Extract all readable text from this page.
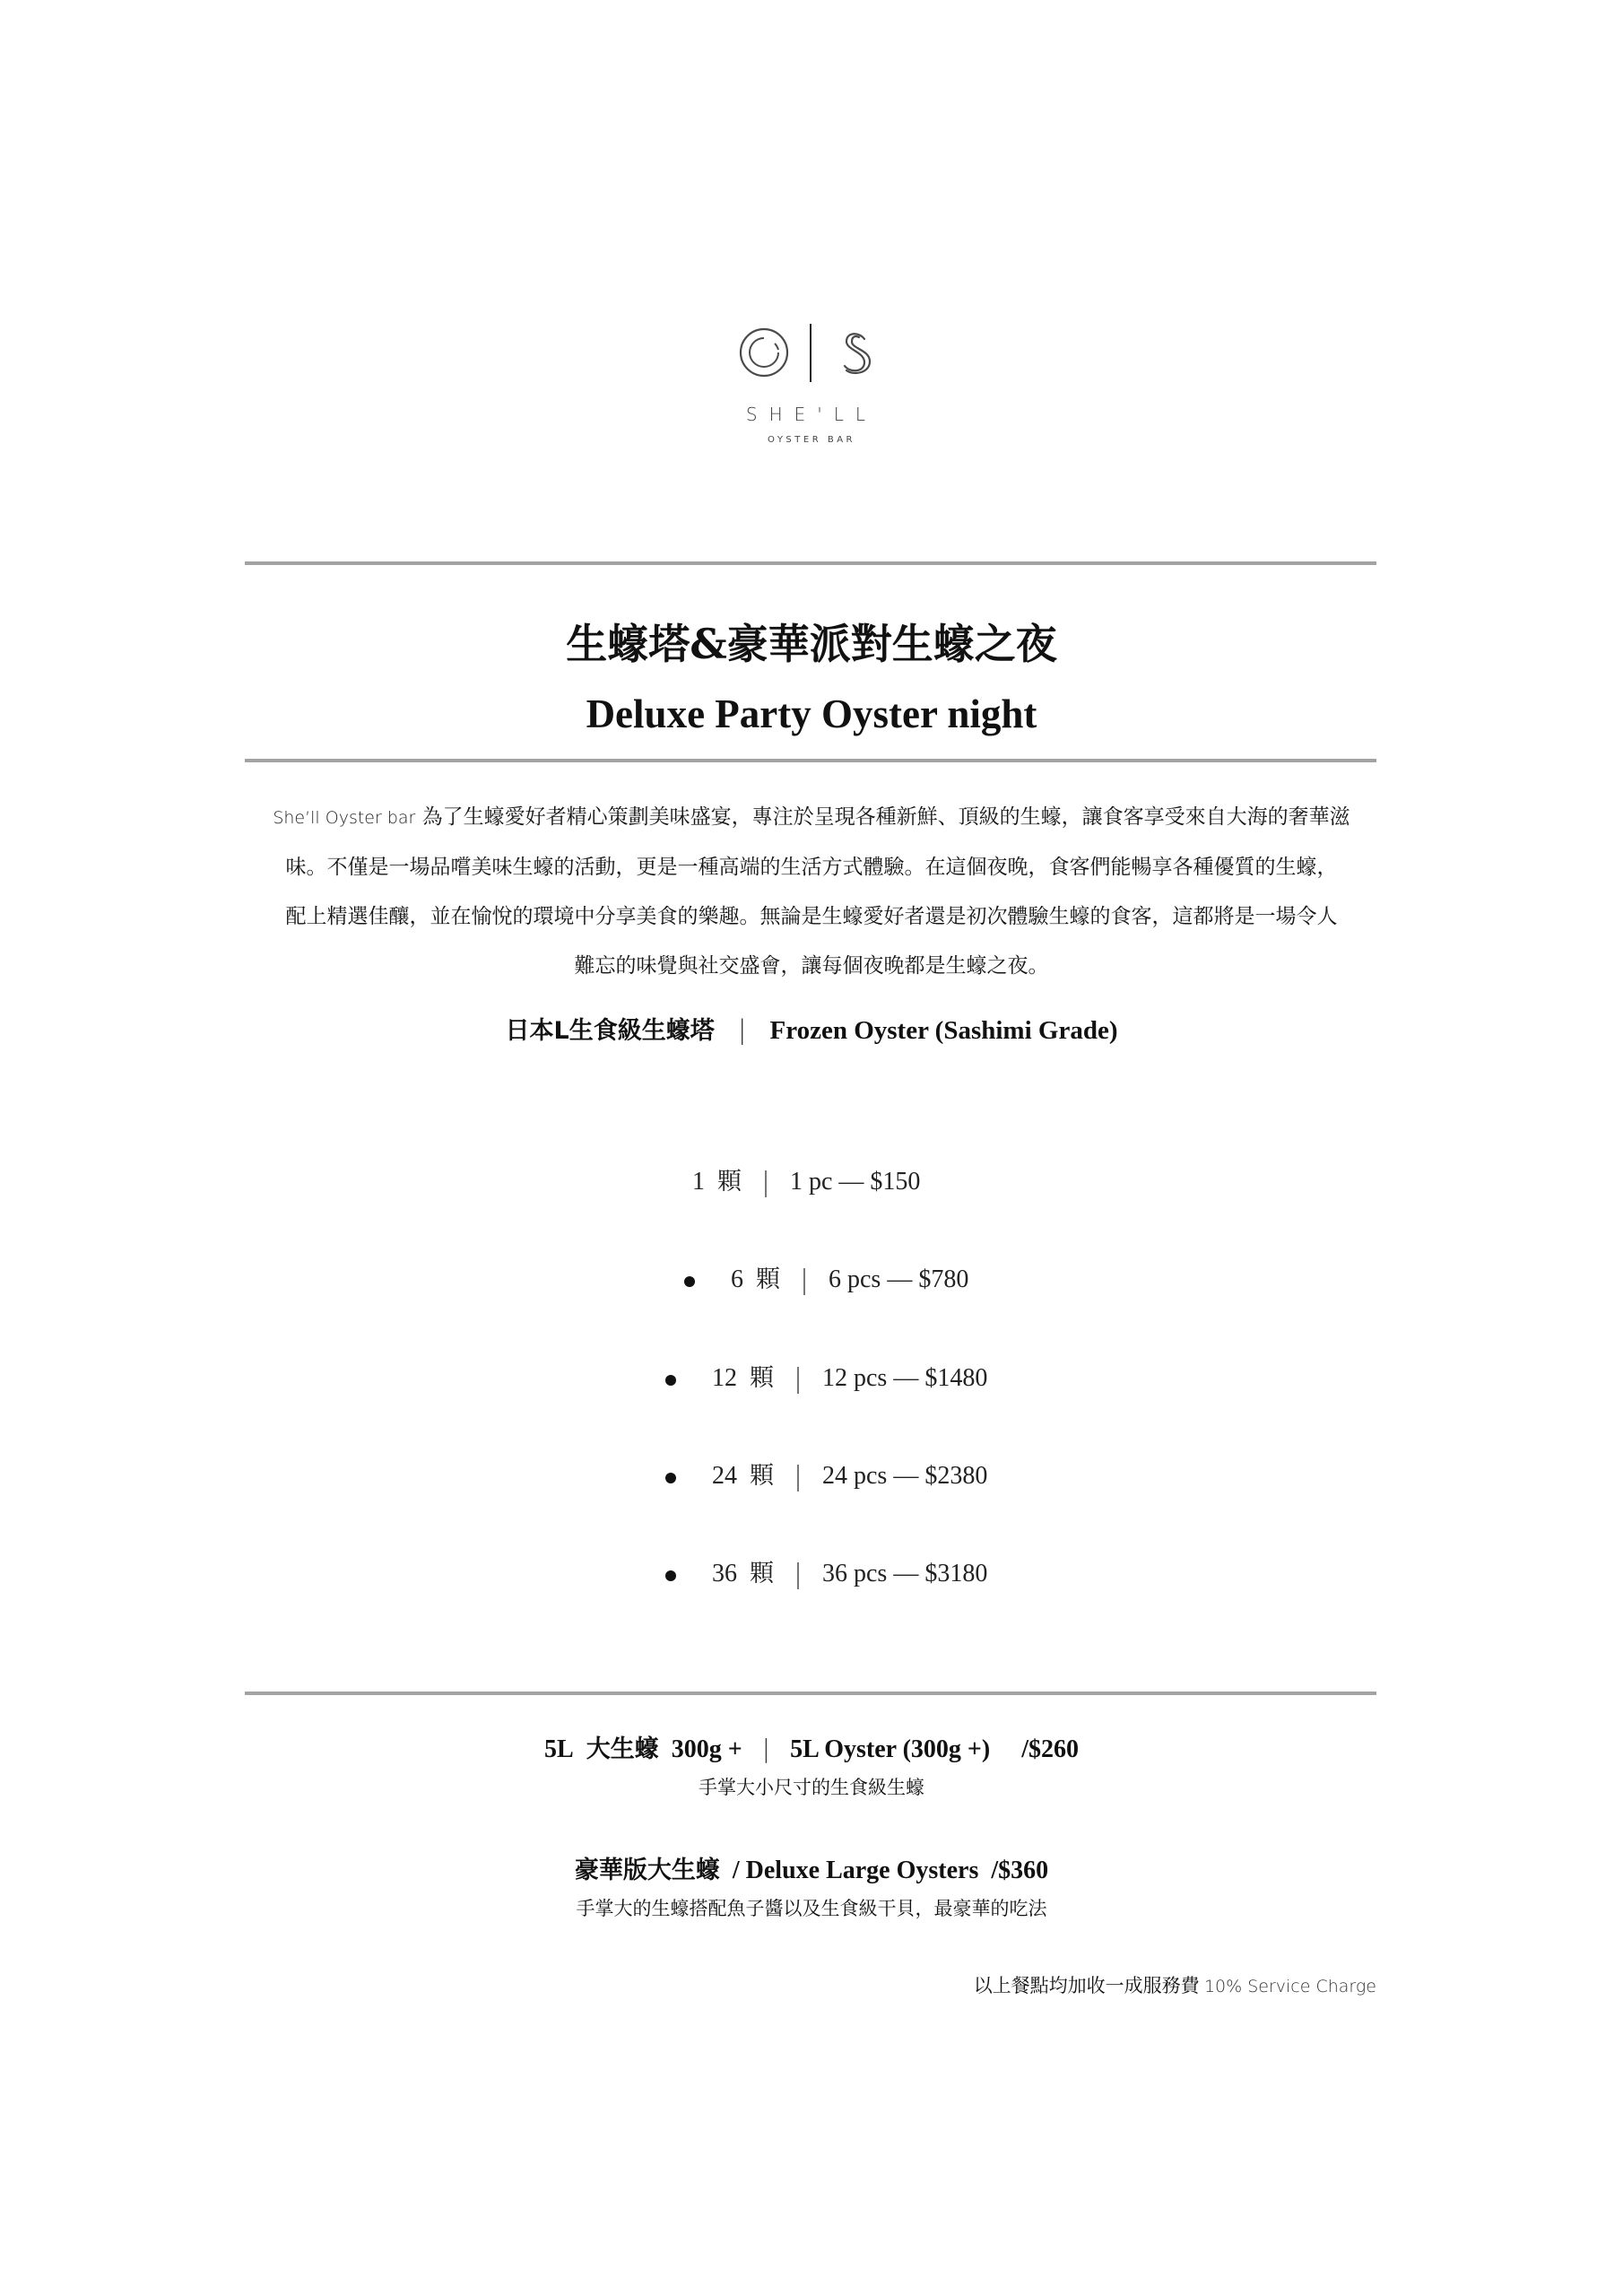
SHE'LL
OYSTER BAR
生蠔塔&豪華派對生蠔之夜
Deluxe Party Oyster night
She’ll Oyster bar 為了生蠔愛好者精心策劃美味盛宴，專注於呈現各種新鮮、頂級的生蠔，讓食客享受來自大海的奢華滋
味。不僅是一場品嚐美味生蠔的活動，更是一種高端的生活方式體驗。在這個夜晚，食客們能暢享各種優質的生蠔，
配上精選佳釀，並在愉悅的環境中分享美食的樂趣。無論是生蠔愛好者還是初次體驗生蠔的食客，這都將是一場令人
難忘的味覺與社交盛會，讓每個夜晚都是生蠔之夜。
日本L生食級生蠔塔 | Frozen Oyster (Sashimi Grade)
1 顆 1 pc — $150
6 顆 6 pcs — $780
12 顆 12 pcs — $1480
24 顆 24 pcs — $2380
36 顆 36 pcs — $3180
5L 大生蠔 300g + | 5L Oyster (300g +) /$260
手掌大小尺寸的生食級生蠔
豪華版大生蠔 / Deluxe Large Oysters /$360
手掌大的生蠔搭配魚子醬以及生食級干貝，最豪華的吃法
以上餐點均加收一成服務費 10% Service Charge
